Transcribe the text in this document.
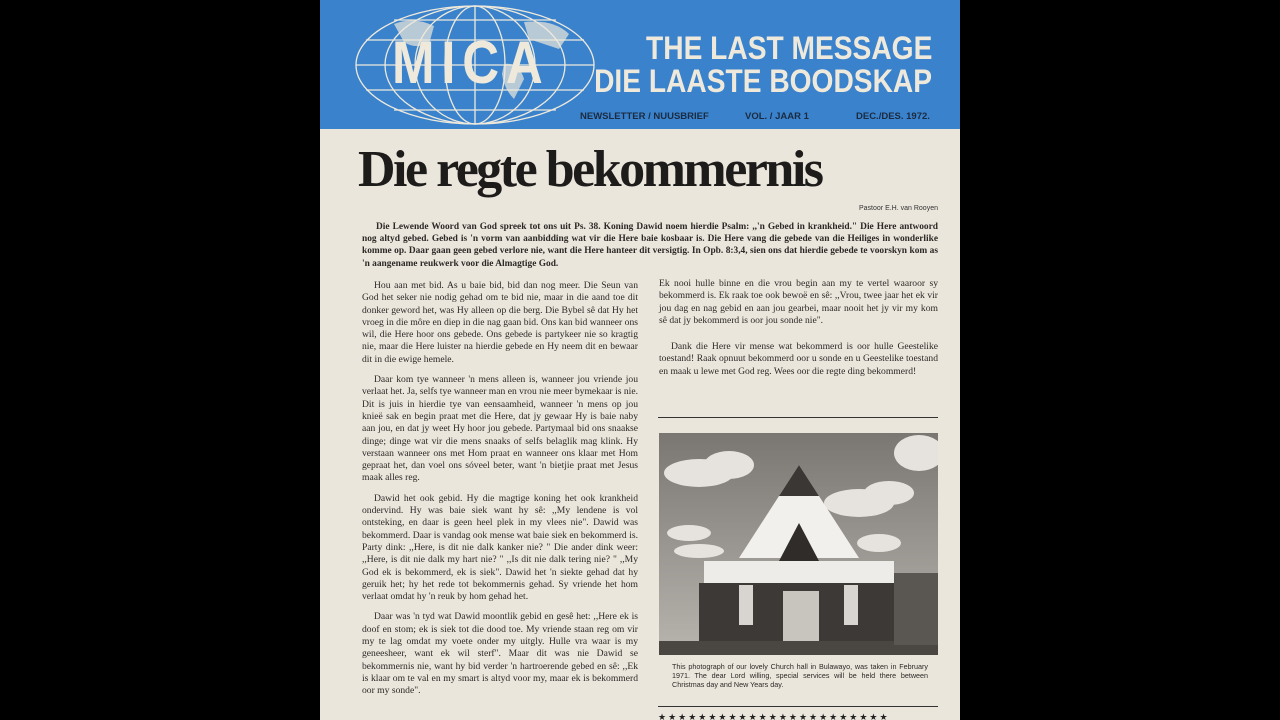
MICA	THE LAST MESSAGE
DIE LAASTE BOODSKAP
NEWSLETTER / NUUSBRIEF	VOL. / JAAR 1	DEC./DES. 1972.
Die regte bekommernis
Pastoor E.H. van Rooyen
Die Lewende Woord van God spreek tot ons uit Ps. 38. Koning Dawid noem hierdie Psalm: ,,'n Gebed in krankheid." Die Here antwoord nog altyd gebed. Gebed is 'n vorm van aanbidding wat vir die Here baie kosbaar is. Die Here vang die gebede van die Heiliges in wonderlike komme op. Daar gaan geen gebed verlore nie, want die Here hanteer dit versigtig. In Opb. 8:3,4, sien ons dat hierdie gebede te voorskyn kom as 'n aangename reukwerk voor die Almagtige God.

Hou aan met bid. As u baie bid, bid dan nog meer. Die Seun van God het seker nie nodig gehad om te bid nie, maar in die aand toe dit donker geword het, was Hy alleen op die berg. Die Bybel sê dat Hy het vroeg in die môre en diep in die nag gaan bid. Ons kan bid wanneer ons wil, die Here hoor ons gebede. Ons gebede is partykeer nie so kragtig nie, maar die Here luister na hierdie gebede en Hy neem dit en bewaar dit in die ewige hemele.

Daar kom tye wanneer 'n mens alleen is, wanneer jou vriende jou verlaat het. Ja, selfs tye wanneer man en vrou nie meer bymekaar is nie. Dit is juis in hierdie tye van eensaamheid, wanneer 'n mens op jou knieë sak en begin praat met die Here, dat jy gewaar Hy is baie naby aan jou, en dat jy weet Hy hoor jou gebede. Partymaal bid ons snaakse dinge; dinge wat vir die mens snaaks of selfs belaglik mag klink. Hy verstaan wanneer ons met Hom praat en wanneer ons klaar met Hom gepraat het, dan voel ons sóveel beter, want 'n bietjie praat met Jesus maak alles reg.

Dawid het ook gebid. Hy die magtige koning het ook krankheid ondervind. Hy was baie siek want hy sê: ,,My lendene is vol ontsteking, en daar is geen heel plek in my vlees nie". Dawid was bekommerd. Daar is vandag ook mense wat baie siek en bekommerd is. Party dink: ,,Here, is dit nie dalk kanker nie? " Die ander dink weer: ,,Here, is dit nie dalk my hart nie? " ,,Is dit nie dalk tering nie? " ,,My God ek is bekommerd, ek is siek". Dawid het 'n siekte gehad dat hy geruik het; hy het rede tot bekommernis gehad. Sy vriende het hom verlaat omdat hy 'n reuk by hom gehad het.

Daar was 'n tyd wat Dawid moontlik gebid en gesê het: ,,Here ek is doof en stom; ek is siek tot die dood toe. My vriende staan reg om vir my te lag omdat my voete onder my uitgly. Hulle vra waar is my geneesheer, want ek wil sterf". Maar dit was nie Dawid se bekommernis nie, want hy bid verder 'n hartroerende gebed en sê: ,,Ek is klaar om te val en my smart is altyd voor my, maar ek is bekommerd oor my sonde".

Ek nooi hulle binne en die vrou begin aan my te vertel waaroor sy bekommerd is. Ek raak toe ook bewoë en sê: ,,Vrou, twee jaar het ek vir jou dag en nag gebid en aan jou gearbei, maar nooit het jy vir my kom sê dat jy bekommerd is oor jou sonde nie".

Dank die Here vir mense wat bekommerd is oor hulle Geestelike toestand! Raak opnuut bekommerd oor u sonde en u Geestelike toestand en maak u lewe met God reg. Wees oor die regte ding bekommerd!

This photograph of our lovely Church hall in Bulawayo, was taken in February 1971. The dear Lord willing, special services will be held there between Christmas day and New Years day.
★★★★★★★★★★★★★★★★★★★★★★★
